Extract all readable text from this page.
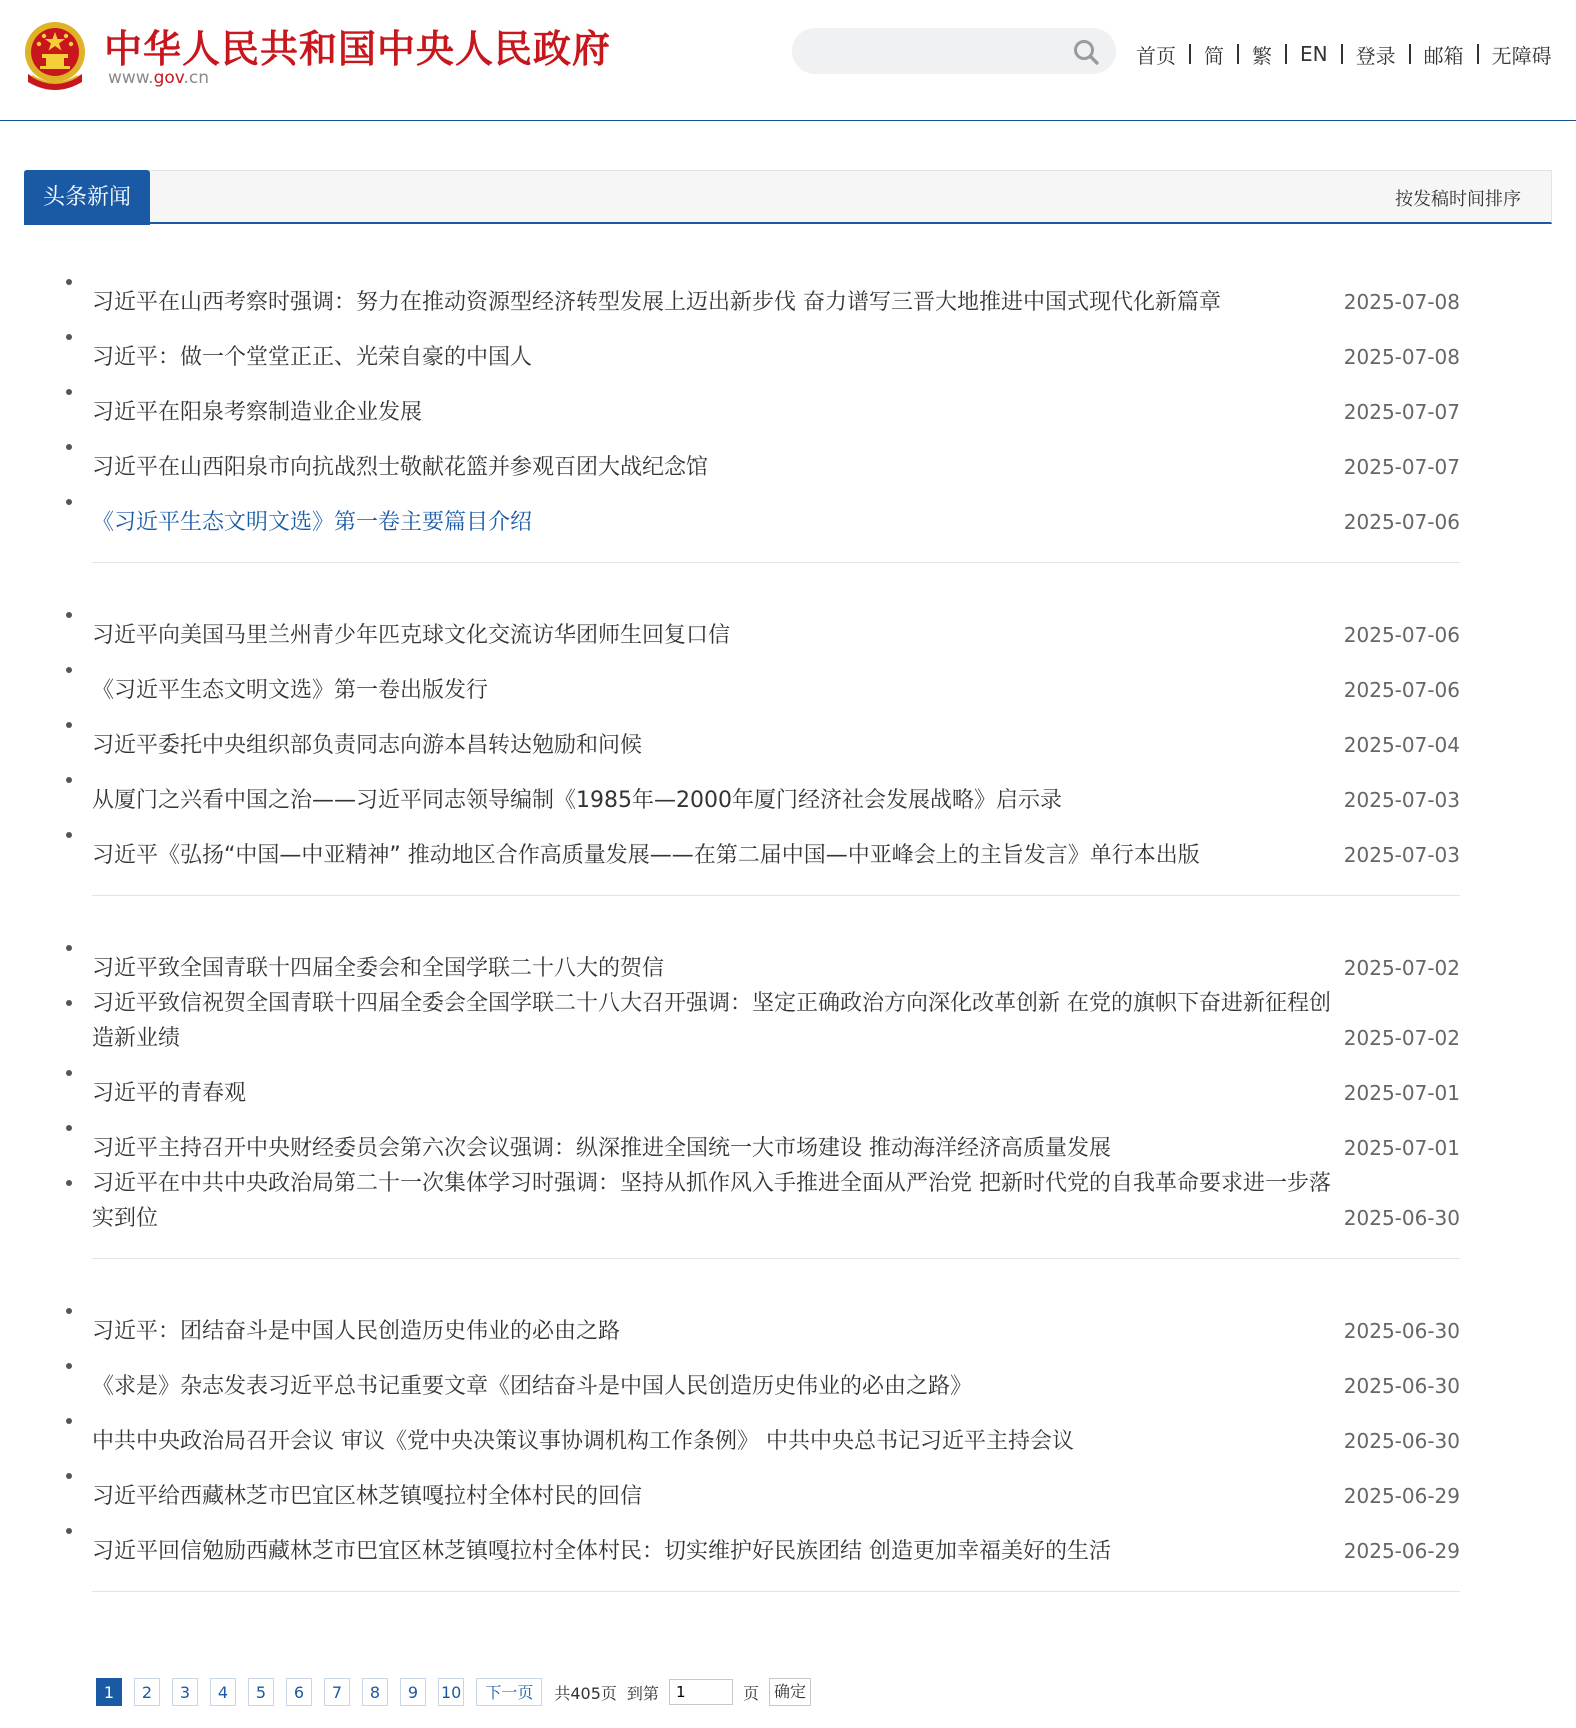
中华人民共和国中央人民政府
www.gov.cn
首页 简 繁 EN 登录 邮箱 无障碍
头条新闻	按发稿时间排序
习近平在山西考察时强调：努力在推动资源型经济转型发展上迈出新步伐 奋力谱写三晋大地推进中国式现代化新篇章	2025-07-08
习近平：做一个堂堂正正、光荣自豪的中国人	2025-07-08
习近平在阳泉考察制造业企业发展	2025-07-07
习近平在山西阳泉市向抗战烈士敬献花篮并参观百团大战纪念馆	2025-07-07
《习近平生态文明文选》第一卷主要篇目介绍	2025-07-06
习近平向美国马里兰州青少年匹克球文化交流访华团师生回复口信	2025-07-06
《习近平生态文明文选》第一卷出版发行	2025-07-06
习近平委托中央组织部负责同志向游本昌转达勉励和问候	2025-07-04
从厦门之兴看中国之治——习近平同志领导编制《1985年—2000年厦门经济社会发展战略》启示录	2025-07-03
习近平《弘扬“中国—中亚精神” 推动地区合作高质量发展——在第二届中国—中亚峰会上的主旨发言》单行本出版	2025-07-03
习近平致全国青联十四届全委会和全国学联二十八大的贺信	2025-07-02
习近平致信祝贺全国青联十四届全委会全国学联二十八大召开强调：坚定正确政治方向深化改革创新 在党的旗帜下奋进新征程创造新业绩	2025-07-02
习近平的青春观	2025-07-01
习近平主持召开中央财经委员会第六次会议强调：纵深推进全国统一大市场建设 推动海洋经济高质量发展	2025-07-01
习近平在中共中央政治局第二十一次集体学习时强调：坚持从抓作风入手推进全面从严治党 把新时代党的自我革命要求进一步落实到位	2025-06-30
习近平：团结奋斗是中国人民创造历史伟业的必由之路	2025-06-30
《求是》杂志发表习近平总书记重要文章《团结奋斗是中国人民创造历史伟业的必由之路》	2025-06-30
中共中央政治局召开会议 审议《党中央决策议事协调机构工作条例》 中共中央总书记习近平主持会议	2025-06-30
习近平给西藏林芝市巴宜区林芝镇嘎拉村全体村民的回信	2025-06-29
习近平回信勉励西藏林芝市巴宜区林芝镇嘎拉村全体村民：切实维护好民族团结 创造更加幸福美好的生活	2025-06-29
1	2	3	4	5	6	7	8	9	10	下一页	共405页 到第
1	页 确定
